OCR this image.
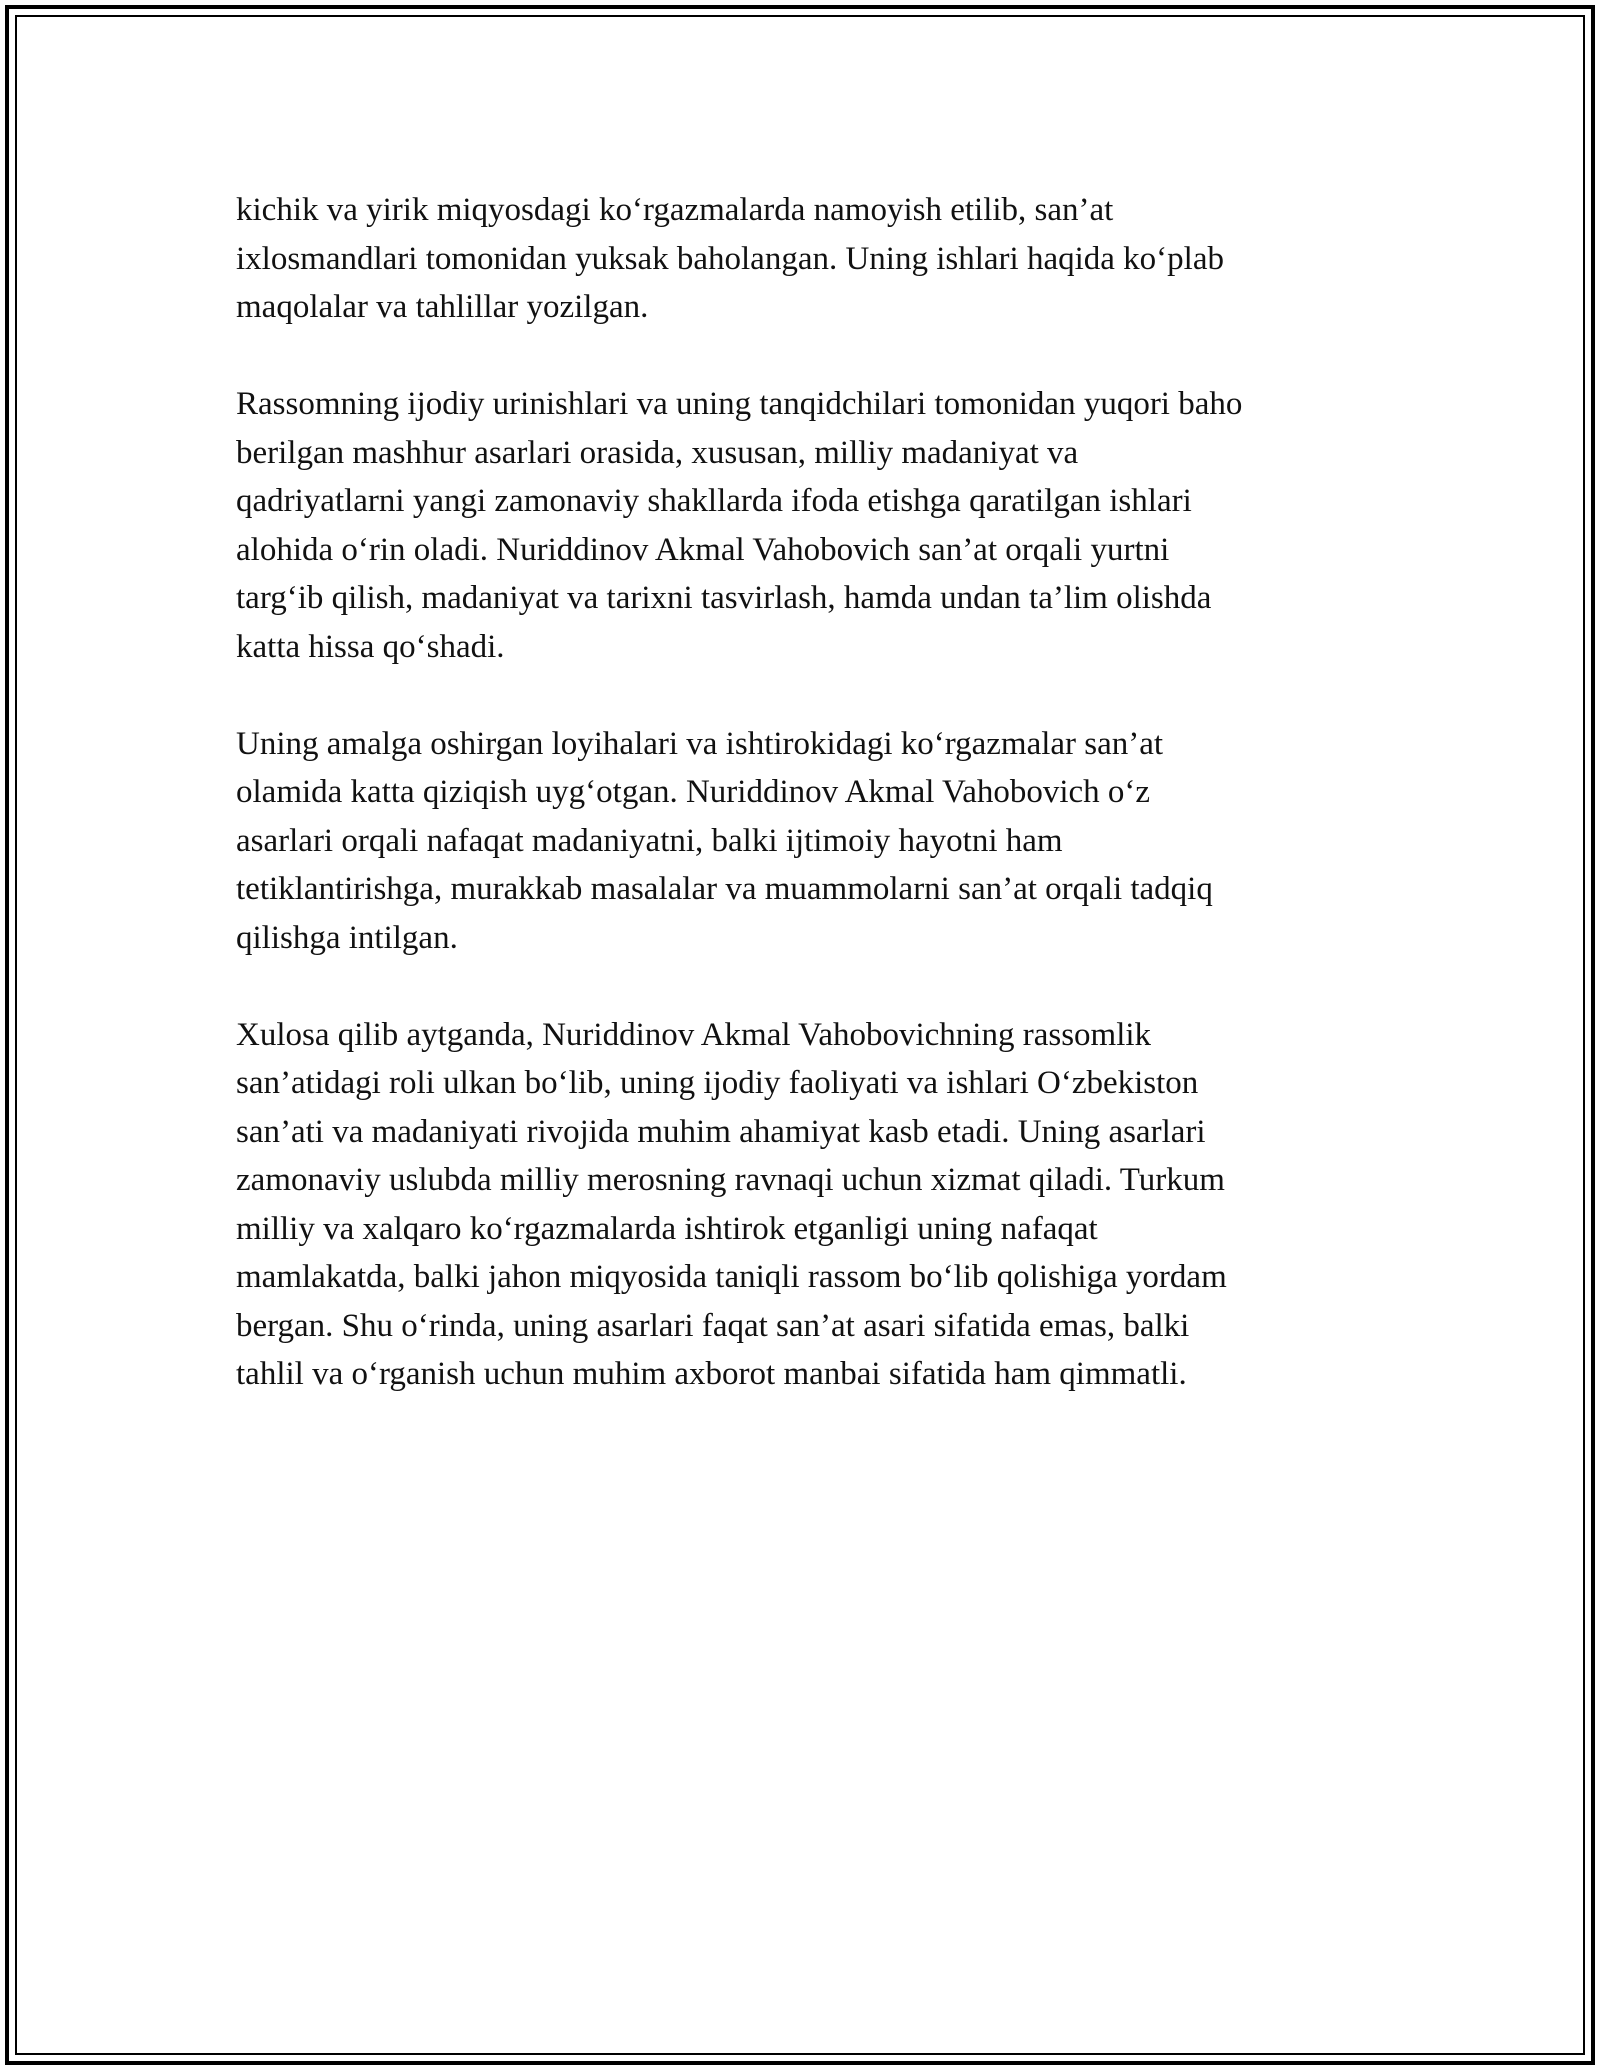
kichik va yirik miqyosdagi ko‘rgazmalarda namoyish etilib, san’at
ixlosmandlari tomonidan yuksak baholangan. Uning ishlari haqida ko‘plab
maqolalar va tahlillar yozilgan.

Rassomning ijodiy urinishlari va uning tanqidchilari tomonidan yuqori baho
berilgan mashhur asarlari orasida, xususan, milliy madaniyat va
qadriyatlarni yangi zamonaviy shakllarda ifoda etishga qaratilgan ishlari
alohida o‘rin oladi. Nuriddinov Akmal Vahobovich san’at orqali yurtni
targ‘ib qilish, madaniyat va tarixni tasvirlash, hamda undan ta’lim olishda
katta hissa qo‘shadi.

Uning amalga oshirgan loyihalari va ishtirokidagi ko‘rgazmalar san’at
olamida katta qiziqish uyg‘otgan. Nuriddinov Akmal Vahobovich o‘z
asarlari orqali nafaqat madaniyatni, balki ijtimoiy hayotni ham
tetiklantirishga, murakkab masalalar va muammolarni san’at orqali tadqiq
qilishga intilgan.

Xulosa qilib aytganda, Nuriddinov Akmal Vahobovichning rassomlik
san’atidagi roli ulkan bo‘lib, uning ijodiy faoliyati va ishlari O‘zbekiston
san’ati va madaniyati rivojida muhim ahamiyat kasb etadi. Uning asarlari
zamonaviy uslubda milliy merosning ravnaqi uchun xizmat qiladi. Turkum
milliy va xalqaro ko‘rgazmalarda ishtirok etganligi uning nafaqat
mamlakatda, balki jahon miqyosida taniqli rassom bo‘lib qolishiga yordam
bergan. Shu o‘rinda, uning asarlari faqat san’at asari sifatida emas, balki
tahlil va o‘rganish uchun muhim axborot manbai sifatida ham qimmatli.
